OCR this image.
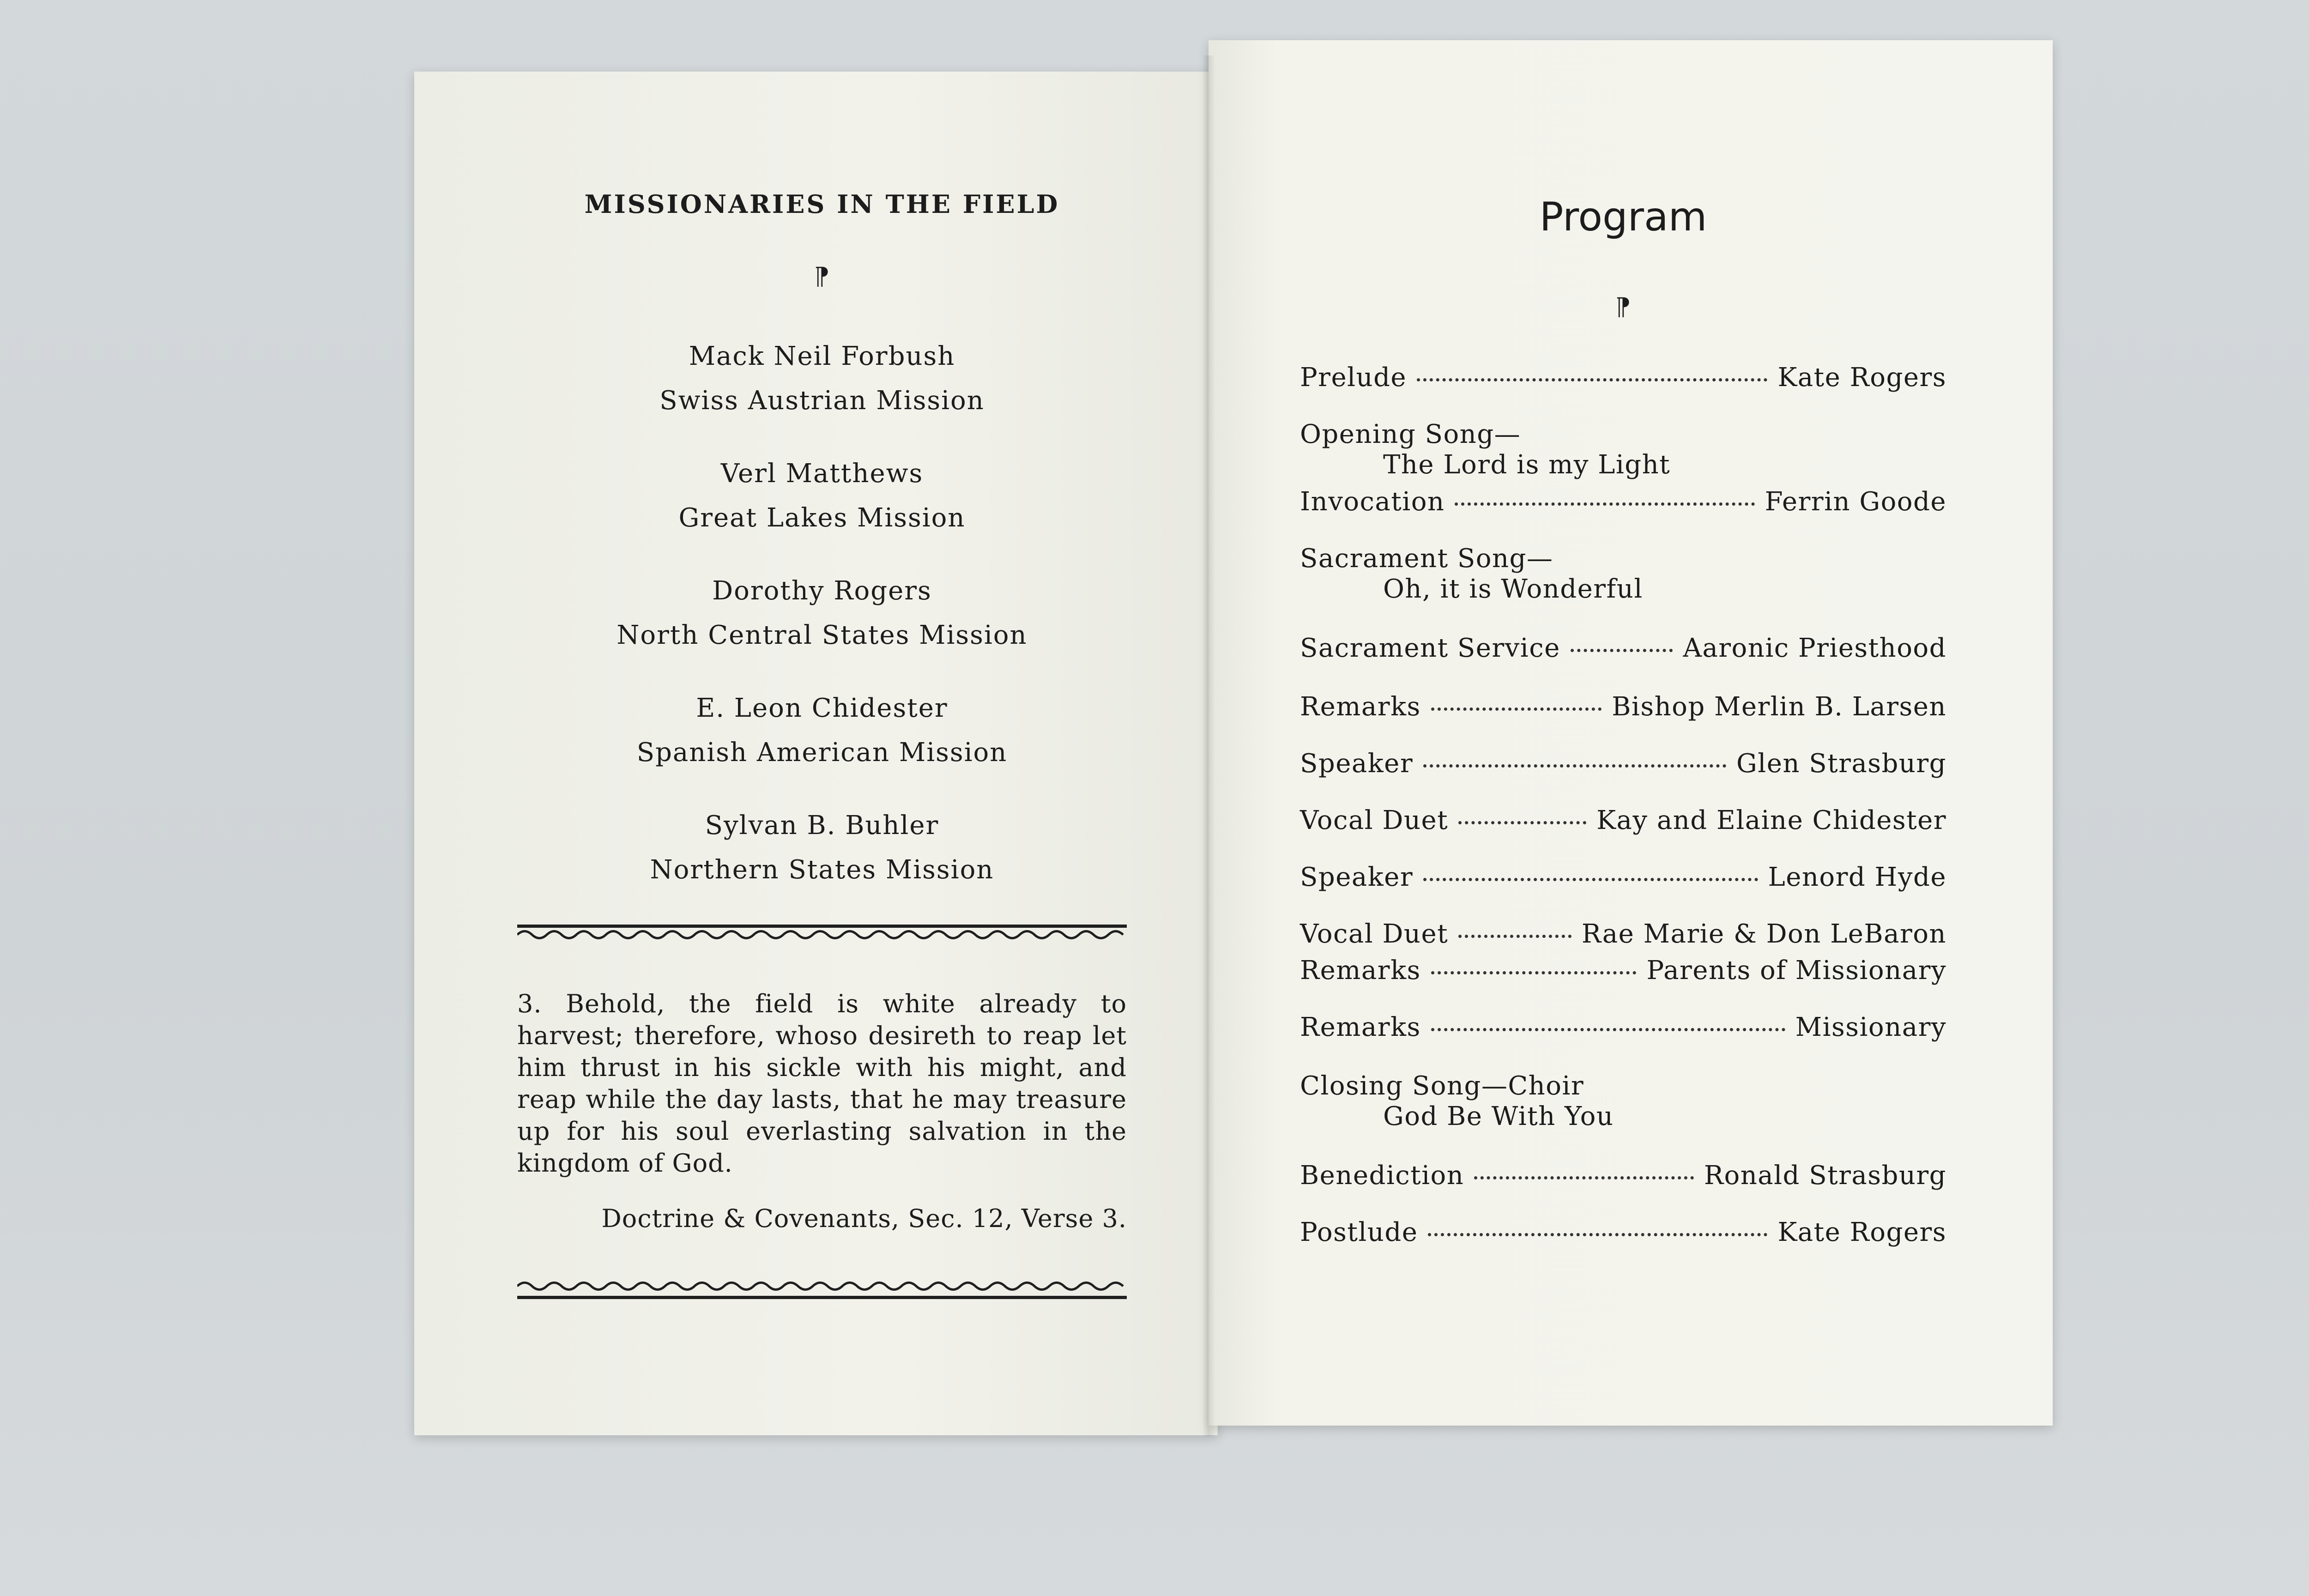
MISSIONARIES IN THE FIELD
⁋
Mack Neil Forbush
Swiss Austrian Mission
Verl Matthews
Great Lakes Mission
Dorothy Rogers
North Central States Mission
E. Leon Chidester
Spanish American Mission
Sylvan B. Buhler
Northern States Mission

3. Behold, the field is white already to harvest; therefore, whoso desireth to reap let him thrust in his sickle with his might, and reap while the day lasts, that he may treasure up for his soul everlasting salvation in the kingdom of God.

Doctrine & Covenants, Sec. 12, Verse 3.
Program
⁋
Prelude	Kate Rogers
Opening Song—
The Lord is my Light
Invocation	Ferrin Goode
Sacrament Song—
Oh, it is Wonderful
Sacrament Service	Aaronic Priesthood
Remarks	Bishop Merlin B. Larsen
Speaker	Glen Strasburg
Vocal Duet	Kay and Elaine Chidester
Speaker	Lenord Hyde
Vocal Duet	Rae Marie & Don LeBaron
Remarks	Parents of Missionary
Remarks	Missionary
Closing Song—Choir
God Be With You
Benediction	Ronald Strasburg
Postlude	Kate Rogers
